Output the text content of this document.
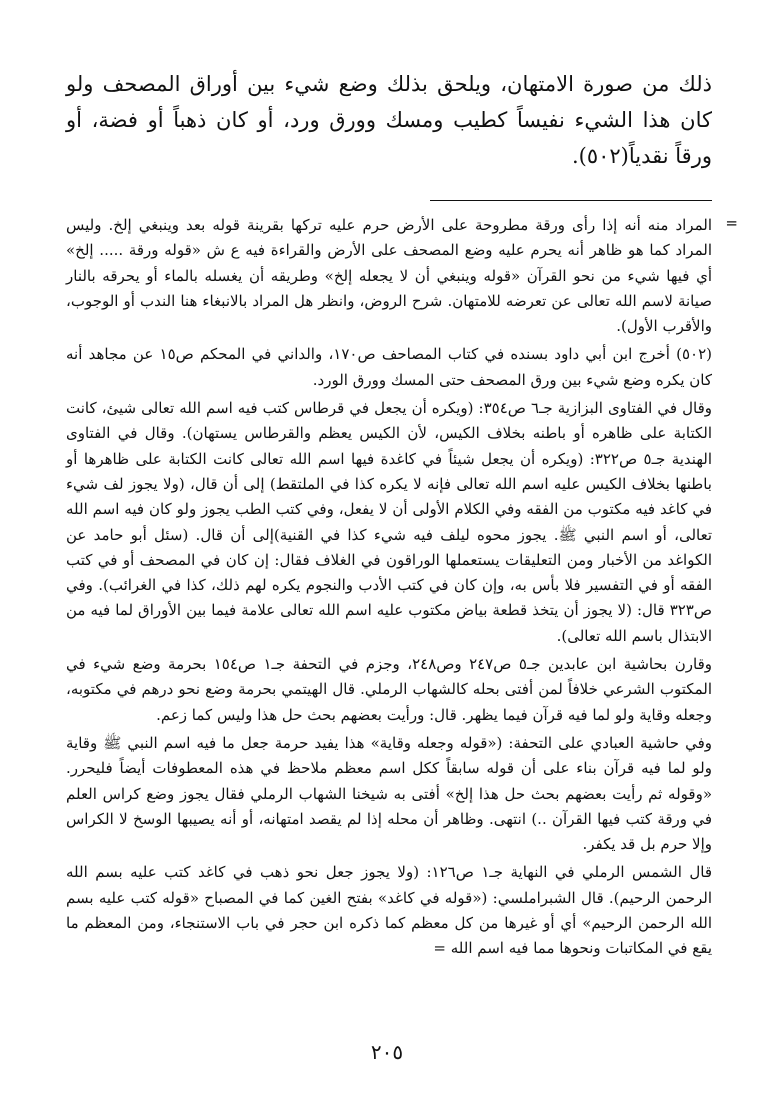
ذلك من صورة الامتهان، ويلحق بذلك وضع شيء بين أوراق المصحف ولو كان هذا الشيء نفيساً كطيب ومسك وورق ورد، أو كان ذهباً أو فضة، أو ورقاً نقدياً(٥٠٢).

=

المراد منه أنه إذا رأى ورقة مطروحة على الأرض حرم عليه تركها بقرينة قوله بعد وينبغي إلخ. وليس المراد كما هو ظاهر أنه يحرم عليه وضع المصحف على الأرض والقراءة فيه ع ش «قوله ورقة ..... إلخ» أي فيها شيء من نحو القرآن «قوله وينبغي أن لا يجعله إلخ» وطريقه أن يغسله بالماء أو يحرقه بالنار صيانة لاسم الله تعالى عن تعرضه للامتهان. شرح الروض، وانظر هل المراد بالانبغاء هنا الندب أو الوجوب، والأقرب الأول).

(٥٠٢) أخرج ابن أبي داود بسنده في كتاب المصاحف ص١٧٠، والداني في المحكم ص١٥ عن مجاهد أنه كان يكره وضع شيء بين ورق المصحف حتى المسك وورق الورد.

وقال في الفتاوى البزازية جـ٦ ص٣٥٤: (ويكره أن يجعل في قرطاس كتب فيه اسم الله تعالى شيئ، كانت الكتابة على ظاهره أو باطنه بخلاف الكيس، لأن الكيس يعظم والقرطاس يستهان). وقال في الفتاوى الهندية جـ٥ ص٣٢٢: (ويكره أن يجعل شيئاً في كاغدة فيها اسم الله تعالى كانت الكتابة على ظاهرها أو باطنها بخلاف الكيس عليه اسم الله تعالى فإنه لا يكره كذا في الملتقط) إلى أن قال، (ولا يجوز لف شيء في كاغد فيه مكتوب من الفقه وفي الكلام الأولى أن لا يفعل، وفي كتب الطب يجوز ولو كان فيه اسم الله تعالى، أو اسم النبي ﷺ. يجوز محوه ليلف فيه شيء كذا في القنية)إلى أن قال. (سئل أبو حامد عن الكواغد من الأخبار ومن التعليقات يستعملها الوراقون في الغلاف فقال: إن كان في المصحف أو في كتب الفقه أو في التفسير فلا بأس به، وإن كان في كتب الأدب والنجوم يكره لهم ذلك، كذا في الغرائب). وفي ص٣٢٣ قال: (لا يجوز أن يتخذ قطعة بياض مكتوب عليه اسم الله تعالى علامة فيما بين الأوراق لما فيه من الابتذال باسم الله تعالى).

وقارن بحاشية ابن عابدين جـ٥ ص٢٤٧ وص٢٤٨، وجزم في التحفة جـ١ ص١٥٤ بحرمة وضع شيء في المكتوب الشرعي خلافاً لمن أفتى بحله كالشهاب الرملي. قال الهيتمي بحرمة وضع نحو درهم في مكتوبه، وجعله وقاية ولو لما فيه قرآن فيما يظهر. قال: ورأيت بعضهم بحث حل هذا وليس كما زعم.

وفي حاشية العبادي على التحفة: («قوله وجعله وقاية» هذا يفيد حرمة جعل ما فيه اسم النبي ﷺ وقاية ولو لما فيه قرآن بناء على أن قوله سابقاً ككل اسم معظم ملاحظ في هذه المعطوفات أيضاً فليحرر. «وقوله ثم رأيت بعضهم بحث حل هذا إلخ» أفتى به شيخنا الشهاب الرملي فقال يجوز وضع كراس العلم في ورقة كتب فيها القرآن ..) انتهى. وظاهر أن محله إذا لم يقصد امتهانه، أو أنه يصيبها الوسخ لا الكراس وإلا حرم بل قد يكفر.

قال الشمس الرملي في النهاية جـ١ ص١٢٦: (ولا يجوز جعل نحو ذهب في كاغد كتب عليه بسم الله الرحمن الرحيم). قال الشبراملسي: («قوله في كاغد» بفتح الغين كما في المصباح «قوله كتب عليه بسم الله الرحمن الرحيم» أي أو غيرها من كل معظم كما ذكره ابن حجر في باب الاستنجاء، ومن المعظم ما يقع في المكاتبات ونحوها مما فيه اسم الله =

٢٠٥
